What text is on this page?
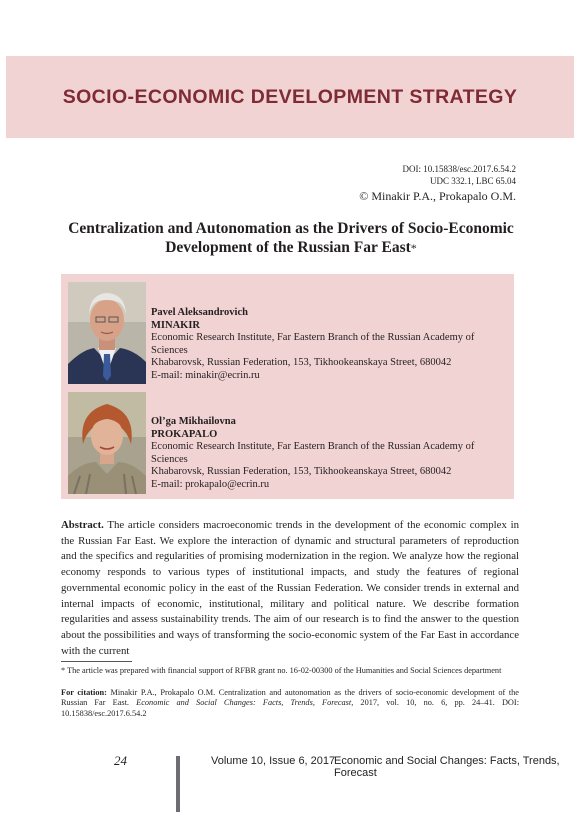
SOCIO-ECONOMIC DEVELOPMENT STRATEGY
DOI: 10.15838/esc.2017.6.54.2
UDC 332.1, LBC 65.04
© Minakir P.A., Prokapalo O.M.
Centralization and Autonomation as the Drivers of Socio-Economic Development of the Russian Far East*
Pavel Aleksandrovich
MINAKIR
Economic Research Institute, Far Eastern Branch of the Russian Academy of Sciences
Khabarovsk, Russian Federation, 153, Tikhookeanskaya Street, 680042
E-mail: minakir@ecrin.ru
Ol’ga Mikhailovna
PROKAPALO
Economic Research Institute, Far Eastern Branch of the Russian Academy of Sciences
Khabarovsk, Russian Federation, 153, Tikhookeanskaya Street, 680042
E-mail: prokapalo@ecrin.ru
Abstract. The article considers macroeconomic trends in the development of the economic complex in the Russian Far East. We explore the interaction of dynamic and structural parameters of reproduction and the specifics and regularities of promising modernization in the region. We analyze how the regional economy responds to various types of institutional impacts, and study the features of regional governmental economic policy in the east of the Russian Federation. We consider trends in external and internal impacts of economic, institutional, military and political nature. We describe formation regularities and assess sustainability trends. The aim of our research is to find the answer to the question about the possibilities and ways of transforming the socio-economic system of the Far East in accordance with the current
* The article was prepared with financial support of RFBR grant no. 16-02-00300 of the Humanities and Social Sciences department
For citation: Minakir P.A., Prokapalo O.M. Centralization and autonomation as the drivers of socio-economic development of the Russian Far East. Economic and Social Changes: Facts, Trends, Forecast, 2017, vol. 10, no. 6, pp. 24–41. DOI: 10.15838/esc.2017.6.54.2
24	Volume 10, Issue 6, 2017
Economic and Social Changes: Facts, Trends, Forecast
